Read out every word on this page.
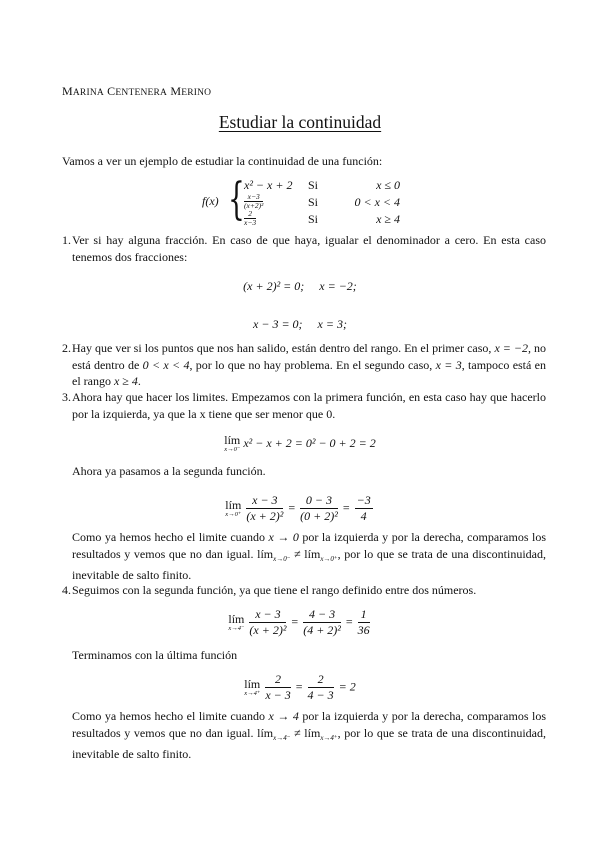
MARINA CENTENERA MERINO
Estudiar la continuidad
Vamos a ver un ejemplo de estudiar la continuidad de una función:
f(x) { x² − x + 2 Si	x ≤ 0
$\frac{x-3}{\text{(x+2)²}}$	Si	0 < x < 4
$\frac{2}{x-3}$	Si	x ≥ 4
1. Ver si hay alguna fracción. En caso de que haya, igualar el denominador a cero. En esta caso tenemos dos fracciones:
(x + 2)² = 0; x = −2;
x − 3 = 0; x = 3;
2. Hay que ver si los puntos que nos han salido, están dentro del rango. En el primer caso, x = −2, no está dentro de 0 < x < 4, por lo que no hay problema. En el segundo caso, x = 3, tampoco está en el rango x ≥ 4.
3. Ahora hay que hacer los limites. Empezamos con la primera función, en esta caso hay que hacerlo por la izquierda, ya que la x tiene que ser menor que 0.
lím
x→0⁻ x² − x + 2 = 0² − 0 + 2 = 2
Ahora ya pasamos a la segunda función.
lím
$x\to 0^+ \frac{x - 3}{\text{(x + 2)²}} = \frac{0 - 3}{\text{(0 + 2)²}} = \frac{-3}{4}$
Como ya hemos hecho el limite cuando x → 0 por la izquierda y por la derecha, comparamos los resultados y vemos que no dan igual. lím$_{x\to 0^-}$ ≠ lím$_{x\to 0^+}$, por lo que se trata de una discontinuidad, inevitable de salto finito.
4. Seguimos con la segunda función, ya que tiene el rango definido entre dos números.
lím
$x\to 4^- \frac{x - 3}{\text{(x + 2)²}} = \frac{4 - 3}{\text{(4 + 2)²}} = \frac{1}{36}$
Terminamos con la última función
lím
$x\to 4^+ \frac{2}{x - 3} = \frac{2}{4 - 3} = 2$
Como ya hemos hecho el limite cuando x → 4 por la izquierda y por la derecha, comparamos los resultados y vemos que no dan igual. lím$_{x\to 4^-}$ ≠ lím$_{x\to 4^+}$, por lo que se trata de una discontinuidad, inevitable de salto finito.
